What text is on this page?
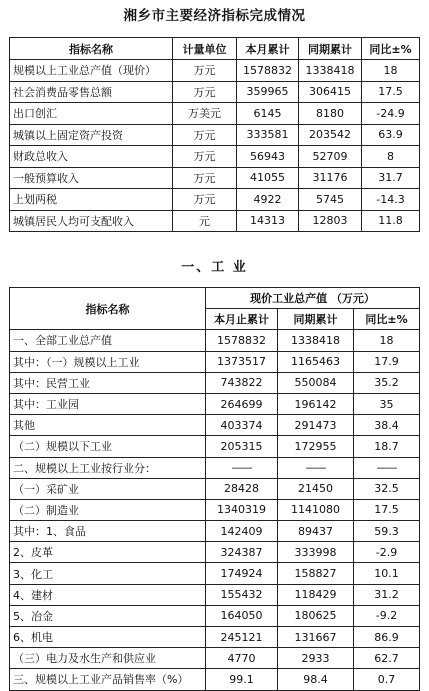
湘乡市主要经济指标完成情况
指标名称	计量单位	本月累计	同期累计	同比±%
规模以上工业总产值（现价）	万元	1578832	1338418	18
社会消费品零售总额	万元	359965	306415	17.5
出口创汇	万美元	6145	8180	-24.9
城镇以上固定资产投资	万元	333581	203542	63.9
财政总收入	万元	56943	52709	8
一般预算收入	万元	41055	31176	31.7
上划两税	万元	4922	5745	-14.3
城镇居民人均可支配收入	元	14313	12803	11.8
一、工 业
指标名称	现价工业总产值 （万元）		
	本月止累计	同期累计	同比±%
一、全部工业总产值	1578832	1338418	18
其中：（一）规模以上工业	1373517	1165463	17.9
其中：民营工业	743822	550084	35.2
其中：工业园	264699	196142	35
其他	403374	291473	38.4
（二）规模以下工业	205315	172955	18.7
二、规模以上工业按行业分：	——	——	——
（一）采矿业	28428	21450	32.5
（二）制造业	1340319	1141080	17.5
其中：1、食品	142409	89437	59.3
2、皮革	324387	333998	-2.9
3、化工	174924	158827	10.1
4、建材	155432	118429	31.2
5、冶金	164050	180625	-9.2
6、机电	245121	131667	86.9
（三）电力及水生产和供应业	4770	2933	62.7
三、规模以上工业产品销售率（%）	99.1	98.4	0.7
